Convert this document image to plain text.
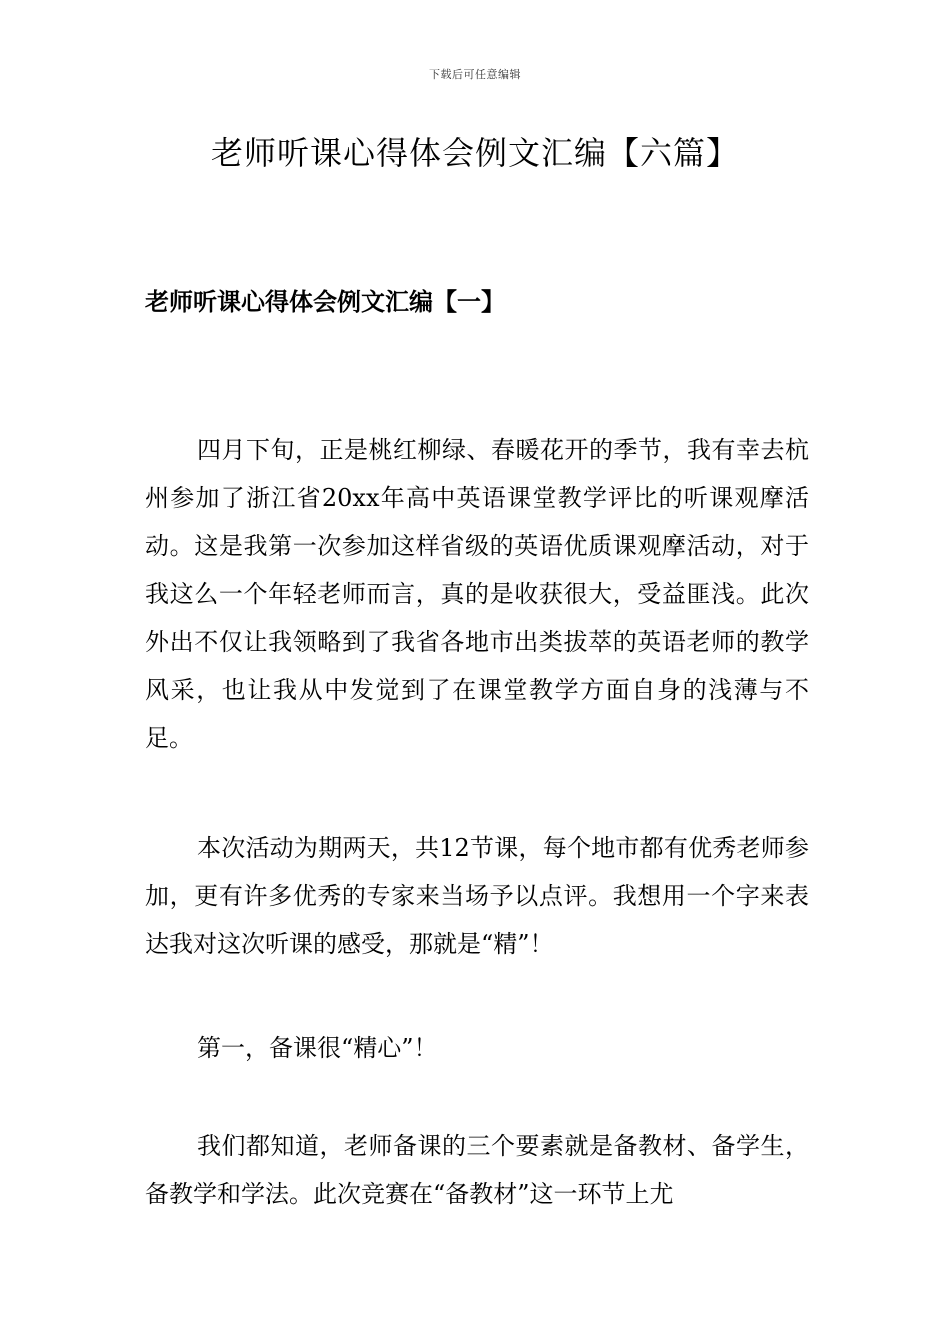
下载后可任意编辑
老师听课心得体会例文汇编【六篇】
老师听课心得体会例文汇编【一】

四月下旬，正是桃红柳绿、春暖花开的季节，我有幸去杭州参加了浙江省20xx年高中英语课堂教学评比的听课观摩活动。这是我第一次参加这样省级的英语优质课观摩活动，对于我这么一个年轻老师而言，真的是收获很大，受益匪浅。此次外出不仅让我领略到了我省各地市出类拔萃的英语老师的教学风采，也让我从中发觉到了在课堂教学方面自身的浅薄与不足。

本次活动为期两天，共12节课，每个地市都有优秀老师参加，更有许多优秀的专家来当场予以点评。我想用一个字来表达我对这次听课的感受，那就是“精”！

第一，备课很“精心”！

我们都知道，老师备课的三个要素就是备教材、备学生，备教学和学法。此次竞赛在“备教材”这一环节上尤
